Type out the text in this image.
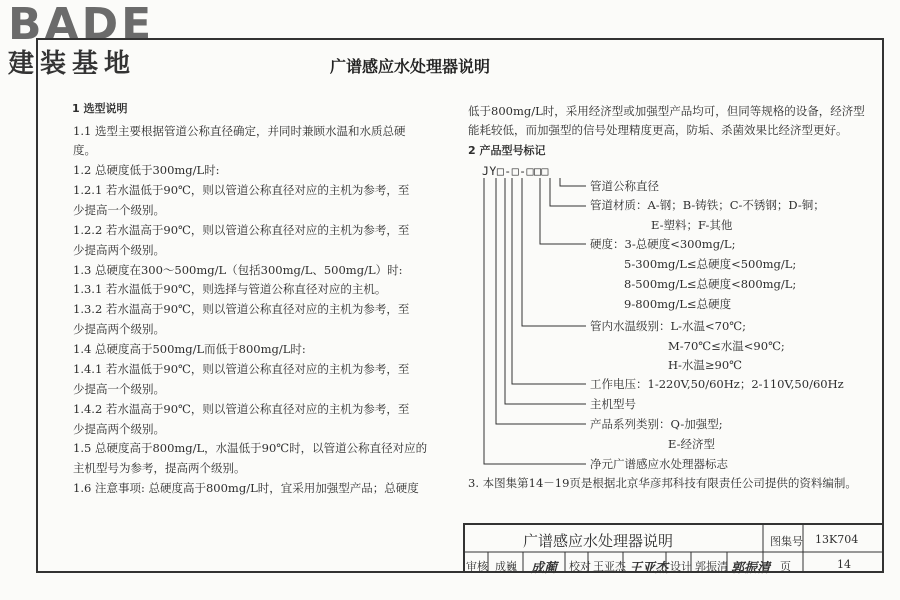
BADE
建装基地	广谱感应水处理器说明
1 选型说明
1.1 选型主要根据管道公称直径确定，并同时兼顾水温和水质总硬
度。
1.2 总硬度低于300mg/L时:
1.2.1 若水温低于90℃，则以管道公称直径对应的主机为参考，至
少提高一个级别。
1.2.2 若水温高于90℃，则以管道公称直径对应的主机为参考，至
少提高两个级别。
1.3 总硬度在300～500mg/L（包括300mg/L、500mg/L）时:
1.3.1 若水温低于90℃，则选择与管道公称直径对应的主机。
1.3.2 若水温高于90℃，则以管道公称直径对应的主机为参考，至
少提高两个级别。
1.4 总硬度高于500mg/L而低于800mg/L时:
1.4.1 若水温低于90℃，则以管道公称直径对应的主机为参考，至
少提高一个级别。
1.4.2 若水温高于90℃，则以管道公称直径对应的主机为参考，至
少提高两个级别。
1.5 总硬度高于800mg/L，水温低于90℃时，以管道公称直径对应的
主机型号为参考，提高两个级别。
1.6 注意事项: 总硬度高于800mg/L时，宜采用加强型产品；总硬度
低于800mg/L时，采用经济型或加强型产品均可，但同等规格的设备，经济型
能耗较低，而加强型的信号处理精度更高，防垢、杀菌效果比经济型更好。
2 产品型号标记
JY□-□-□□□
管道公称直径
管道材质：A-钢；B-铸铁；C-不锈钢；D-铜；
E-塑料；F-其他
硬度：3-总硬度<300mg/L;
5-300mg/L≤总硬度<500mg/L;
8-500mg/L≤总硬度<800mg/L;
9-800mg/L≤总硬度
管内水温级别：L-水温<70℃;
M-70℃≤水温<90℃;
H-水温≥90℃
工作电压：1-220V,50/60Hz；2-110V,50/60Hz
主机型号
产品系列类别：Q-加强型;
E-经济型
净元广谱感应水处理器标志
3. 本图集第14－19页是根据北京华彦邦科技有限责任公司提供的资料编制。
广谱感应水处理器说明	图集号 13K704
审核 成巍 成蔺 校对 王亚杰 王亚杰 设计 郭振清 郭振清 页	14
